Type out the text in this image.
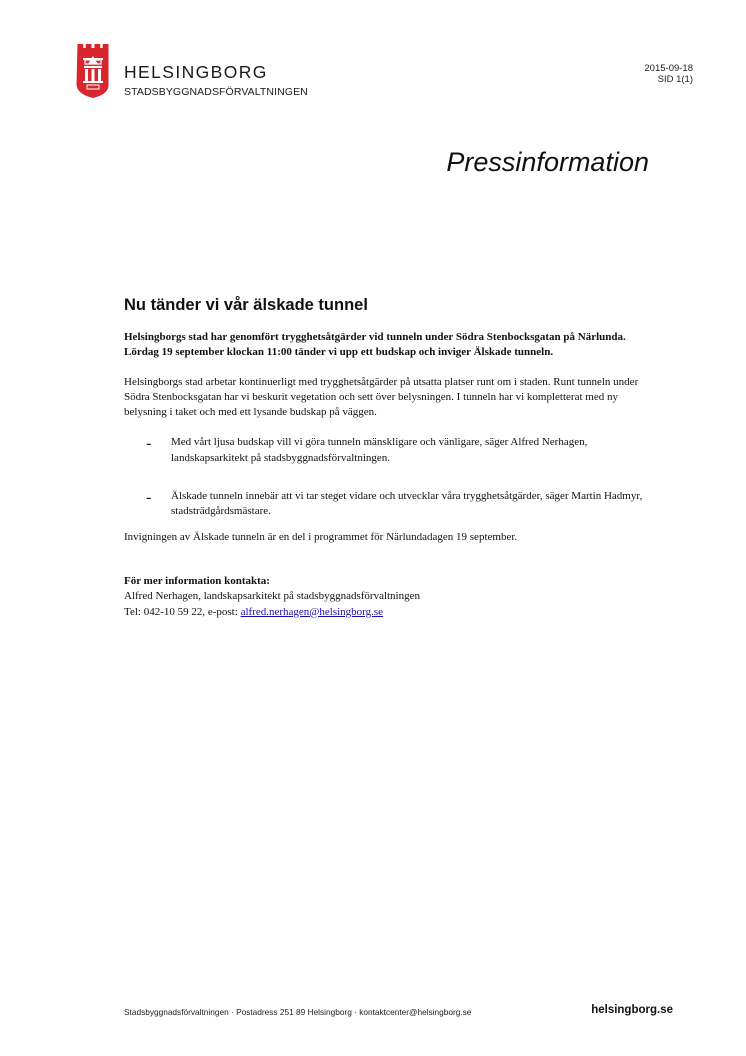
HELSINGBORG
STADSBYGGNADSFÖRVALTNINGEN
2015-09-18
SID 1(1)
Pressinformation
Nu tänder vi vår älskade tunnel

Helsingborgs stad har genomfört trygghetsåtgärder vid tunneln under Södra Stenbocksgatan på Närlunda. Lördag 19 september klockan 11:00 tänder vi upp ett budskap och inviger Älskade tunneln.

Helsingborgs stad arbetar kontinuerligt med trygghetsåtgärder på utsatta platser runt om i staden. Runt tunneln under Södra Stenbocksgatan har vi beskurit vegetation och sett över belysningen. I tunneln har vi kompletterat med ny belysning i taket och med ett lysande budskap på väggen.

- Med vårt ljusa budskap vill vi göra tunneln mänskligare och vänligare, säger Alfred Nerhagen, landskapsarkitekt på stadsbyggnadsförvaltningen.

- Älskade tunneln innebär att vi tar steget vidare och utvecklar våra trygghetsåtgärder, säger Martin Hadmyr, stadsträdgårdsmästare.

Invigningen av Älskade tunneln är en del i programmet för Närlundadagen 19 september.

För mer information kontakta:

Alfred Nerhagen, landskapsarkitekt på stadsbyggnadsförvaltningen

Tel: 042-10 59 22, e-post: alfred.nerhagen@helsingborg.se

Stadsbyggnadsförvaltningen · Postadress 251 89 Helsingborg · kontaktcenter@helsingborg.se	helsingborg.se
